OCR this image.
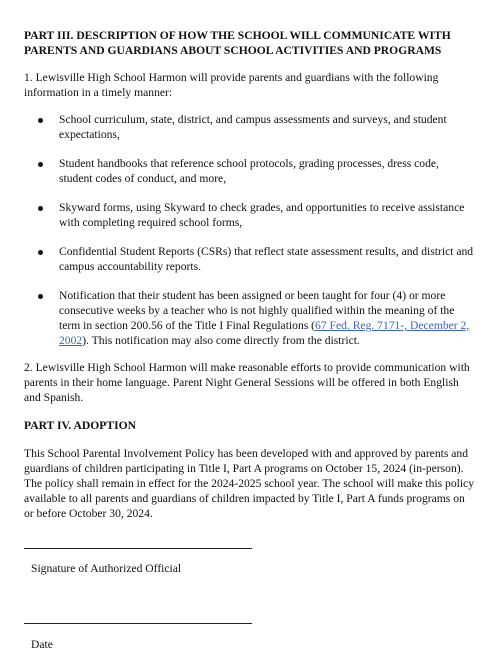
PART III. DESCRIPTION OF HOW THE SCHOOL WILL COMMUNICATE WITH PARENTS AND GUARDIANS ABOUT SCHOOL ACTIVITIES AND PROGRAMS

1. Lewisville High School Harmon will provide parents and guardians with the following information in a timely manner:

School curriculum, state, district, and campus assessments and surveys, and student expectations,
Student handbooks that reference school protocols, grading processes, dress code, student codes of conduct, and more,
Skyward forms, using Skyward to check grades, and opportunities to receive assistance with completing required school forms,
Confidential Student Reports (CSRs) that reflect state assessment results, and district and campus accountability reports.
Notification that their student has been assigned or been taught for four (4) or more consecutive weeks by a teacher who is not highly qualified within the meaning of the term in section 200.56 of the Title I Final Regulations (67 Fed. Reg. 7171-, December 2, 2002). This notification may also come directly from the district.

2. Lewisville High School Harmon will make reasonable efforts to provide communication with parents in their home language. Parent Night General Sessions will be offered in both English and Spanish.

PART IV. ADOPTION

This School Parental Involvement Policy has been developed with and approved by parents and guardians of children participating in Title I, Part A programs on October 15, 2024 (in-person). The policy shall remain in effect for the 2024-2025 school year. The school will make this policy available to all parents and guardians of children impacted by Title I, Part A funds programs on or before October 30, 2024.

Signature of Authorized Official
Date
